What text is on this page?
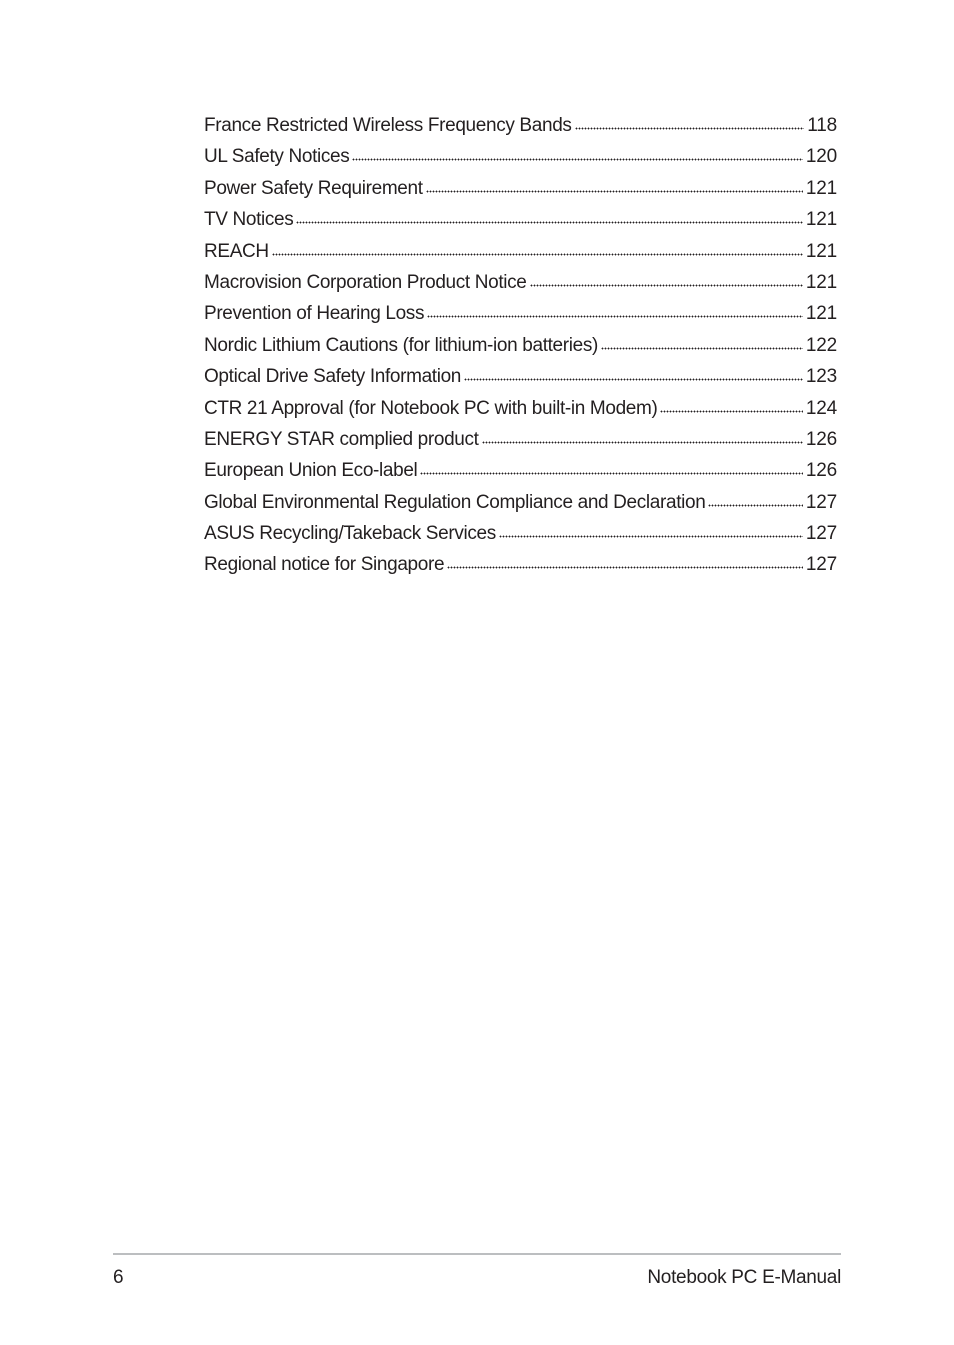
France Restricted Wireless Frequency Bands	118
UL Safety Notices	120
Power Safety Requirement	121
TV Notices	121
REACH	121
Macrovision Corporation Product Notice	121
Prevention of Hearing Loss	121
Nordic Lithium Cautions (for lithium-ion batteries)	122
Optical Drive Safety Information	123
CTR 21 Approval (for Notebook PC with built-in Modem)	124
ENERGY STAR complied product	126
European Union Eco-label	126
Global Environmental Regulation Compliance and Declaration	127
ASUS Recycling/Takeback Services	127
Regional notice for Singapore	127
6	Notebook PC E-Manual
